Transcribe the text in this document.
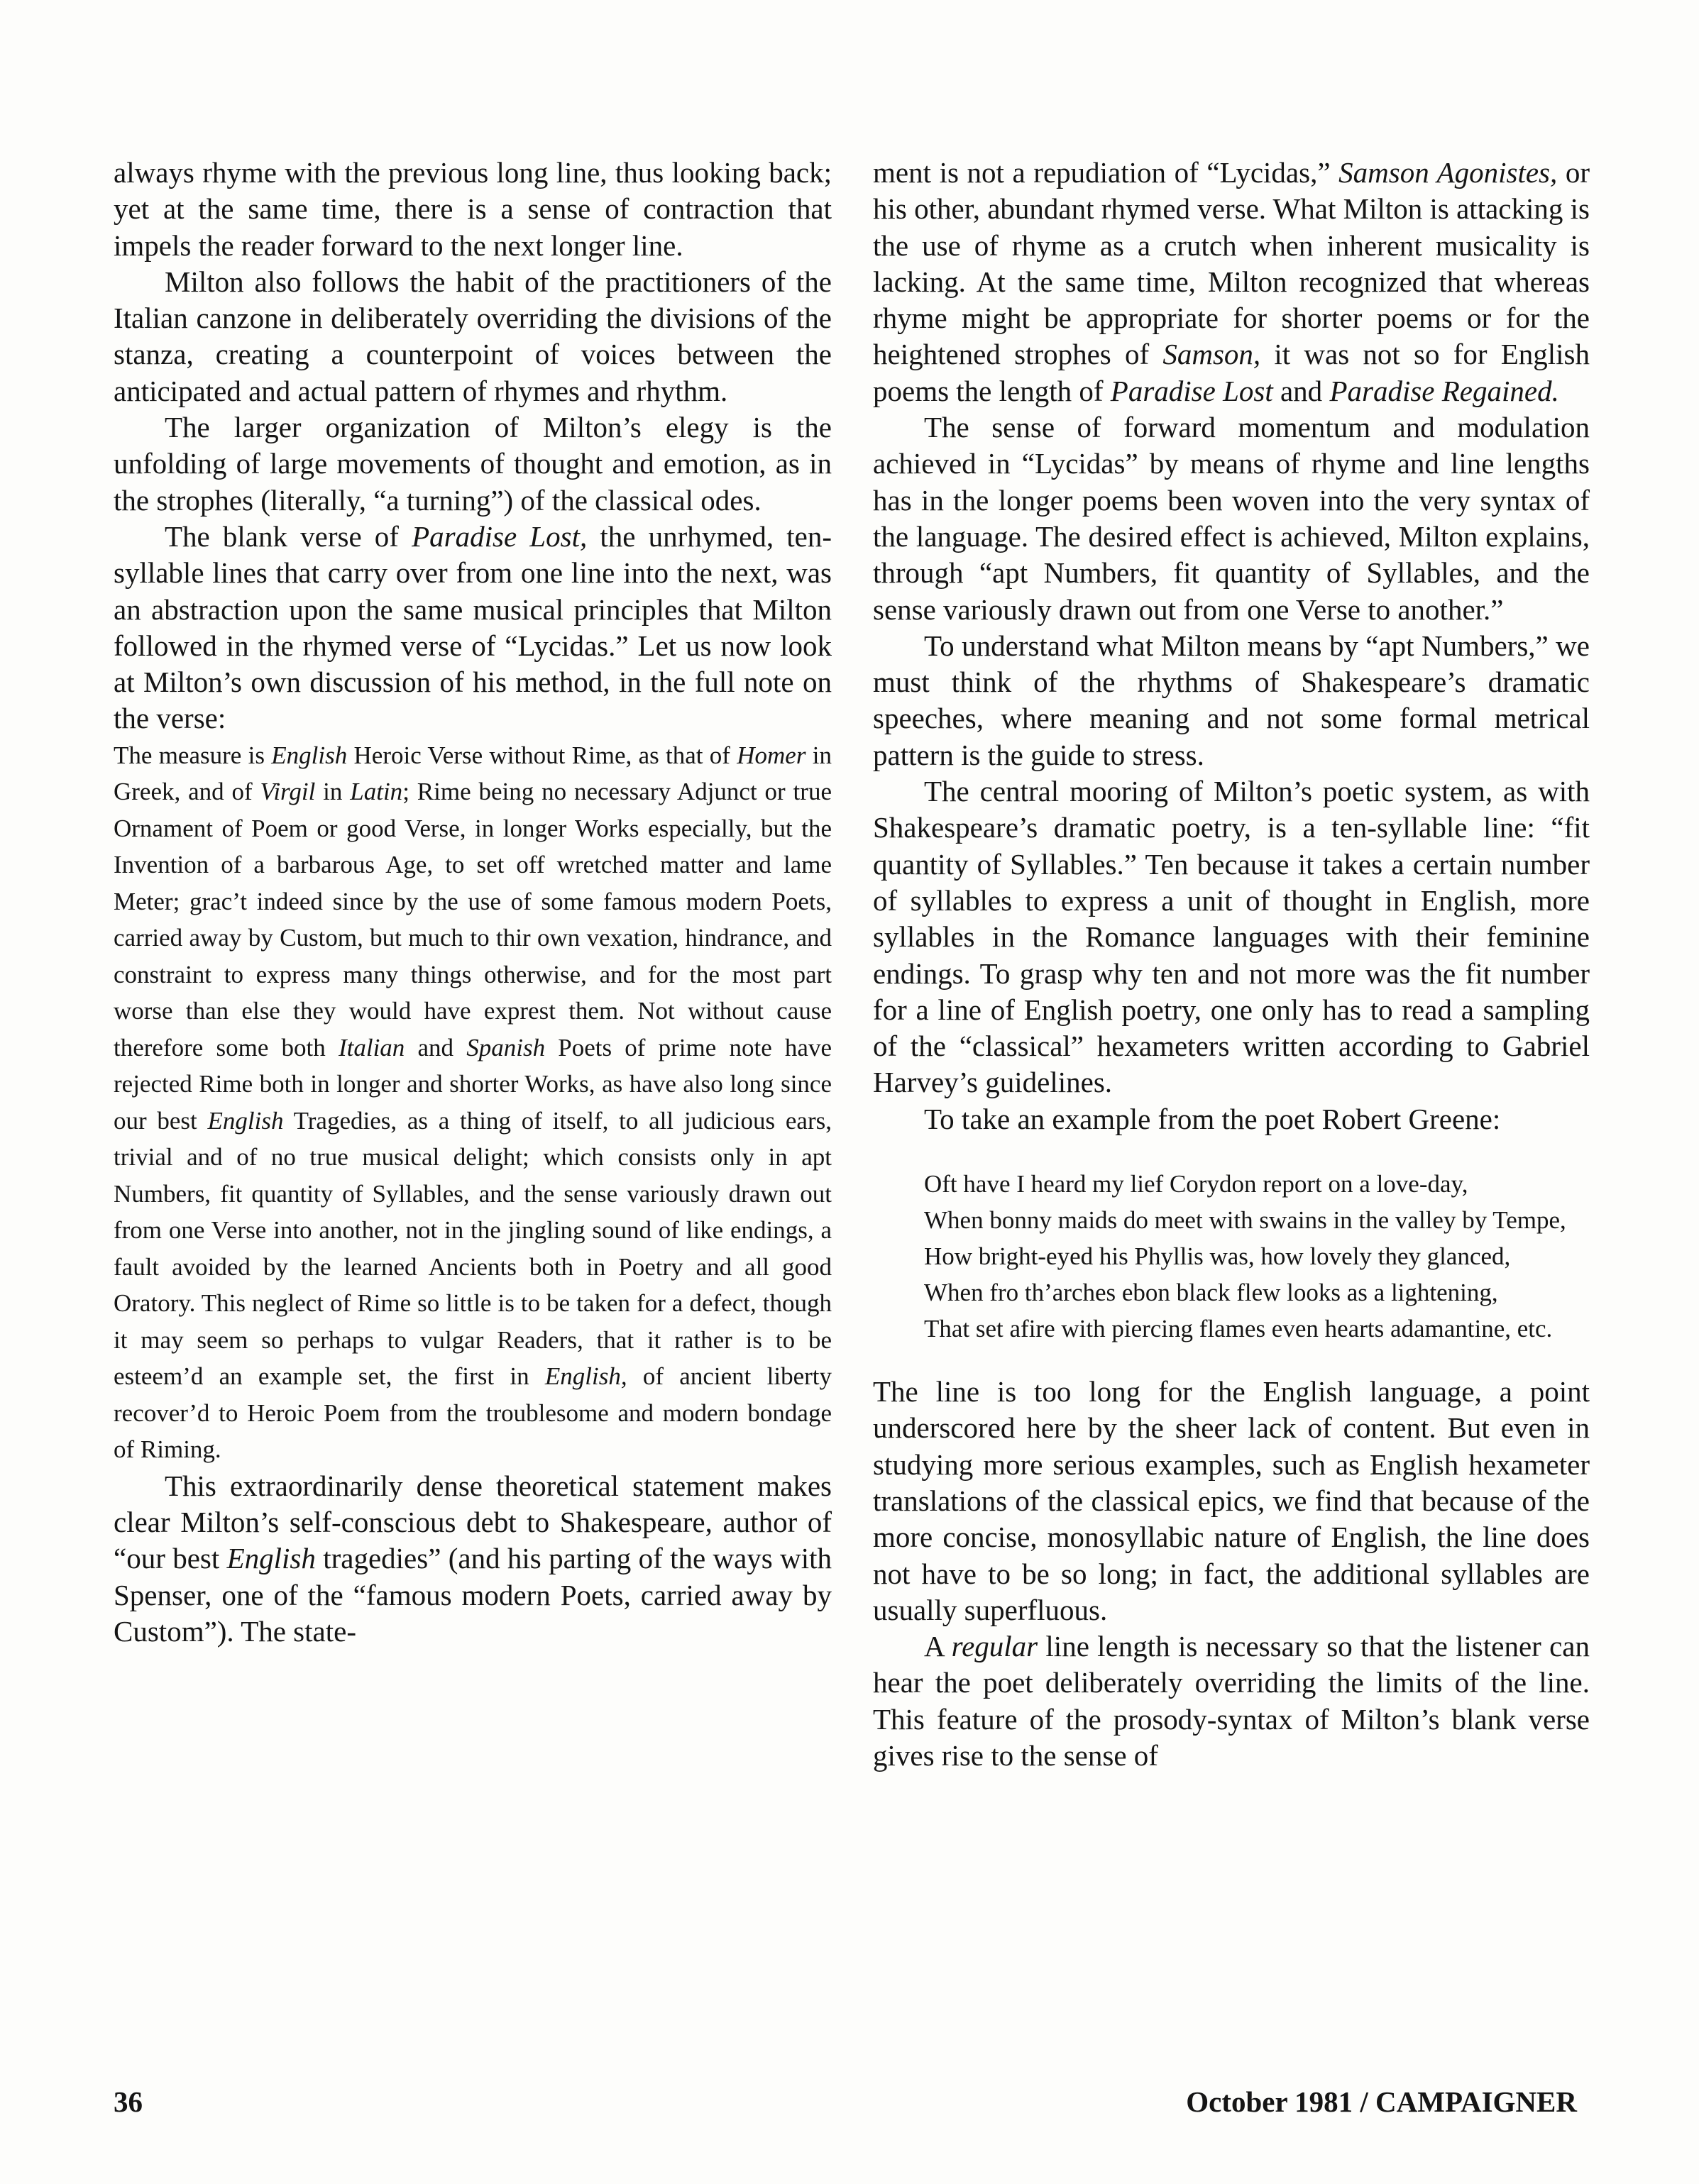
always rhyme with the previous long line, thus looking back; yet at the same time, there is a sense of contraction that impels the reader forward to the next longer line.

Milton also follows the habit of the practitioners of the Italian canzone in deliberately overriding the divisions of the stanza, creating a counterpoint of voices between the anticipated and actual pattern of rhymes and rhythm.

The larger organization of Milton’s elegy is the unfolding of large movements of thought and emotion, as in the strophes (literally, “a turning”) of the classical odes.

The blank verse of Paradise Lost, the unrhymed, ten-syllable lines that carry over from one line into the next, was an abstraction upon the same musical principles that Milton followed in the rhymed verse of “Lycidas.” Let us now look at Milton’s own discussion of his method, in the full note on the verse:

The measure is English Heroic Verse without Rime, as that of Homer in Greek, and of Virgil in Latin; Rime being no necessary Adjunct or true Ornament of Poem or good Verse, in longer Works especially, but the Invention of a barbarous Age, to set off wretched matter and lame Meter; grac’t indeed since by the use of some famous modern Poets, carried away by Custom, but much to thir own vexation, hindrance, and constraint to express many things otherwise, and for the most part worse than else they would have exprest them. Not without cause therefore some both Italian and Spanish Poets of prime note have rejected Rime both in longer and shorter Works, as have also long since our best English Tragedies, as a thing of itself, to all judicious ears, trivial and of no true musical delight; which consists only in apt Numbers, fit quantity of Syllables, and the sense variously drawn out from one Verse into another, not in the jingling sound of like endings, a fault avoided by the learned Ancients both in Poetry and all good Oratory. This neglect of Rime so little is to be taken for a defect, though it may seem so perhaps to vulgar Readers, that it rather is to be esteem’d an example set, the first in English, of ancient liberty recover’d to Heroic Poem from the troublesome and modern bondage of Riming.

This extraordinarily dense theoretical statement makes clear Milton’s self-conscious debt to Shakespeare, author of “our best English tragedies” (and his parting of the ways with Spenser, one of the “famous modern Poets, carried away by Custom”). The state-

ment is not a repudiation of “Lycidas,” Samson Agonistes, or his other, abundant rhymed verse. What Milton is attacking is the use of rhyme as a crutch when inherent musicality is lacking. At the same time, Milton recognized that whereas rhyme might be appropriate for shorter poems or for the heightened strophes of Samson, it was not so for English poems the length of Paradise Lost and Paradise Regained.

The sense of forward momentum and modulation achieved in “Lycidas” by means of rhyme and line lengths has in the longer poems been woven into the very syntax of the language. The desired effect is achieved, Milton explains, through “apt Numbers, fit quantity of Syllables, and the sense variously drawn out from one Verse to another.”

To understand what Milton means by “apt Numbers,” we must think of the rhythms of Shakespeare’s dramatic speeches, where meaning and not some formal metrical pattern is the guide to stress.

The central mooring of Milton’s poetic system, as with Shakespeare’s dramatic poetry, is a ten-syllable line: “fit quantity of Syllables.” Ten because it takes a certain number of syllables to express a unit of thought in English, more syllables in the Romance languages with their feminine endings. To grasp why ten and not more was the fit number for a line of English poetry, one only has to read a sampling of the “classical” hexameters written according to Gabriel Harvey’s guidelines.

To take an example from the poet Robert Greene:

Oft have I heard my lief Corydon report on a love-day,
When bonny maids do meet with swains in the valley by Tempe,
How bright-eyed his Phyllis was, how lovely they glanced,
When fro th’arches ebon black flew looks as a lightening,
That set afire with piercing flames even hearts adamantine, etc.

The line is too long for the English language, a point underscored here by the sheer lack of content. But even in studying more serious examples, such as English hexameter translations of the classical epics, we find that because of the more concise, monosyllabic nature of English, the line does not have to be so long; in fact, the additional syllables are usually superfluous.

A regular line length is necessary so that the listener can hear the poet deliberately overriding the limits of the line. This feature of the prosody-syntax of Milton’s blank verse gives rise to the sense of

36	October 1981 / CAMPAIGNER
